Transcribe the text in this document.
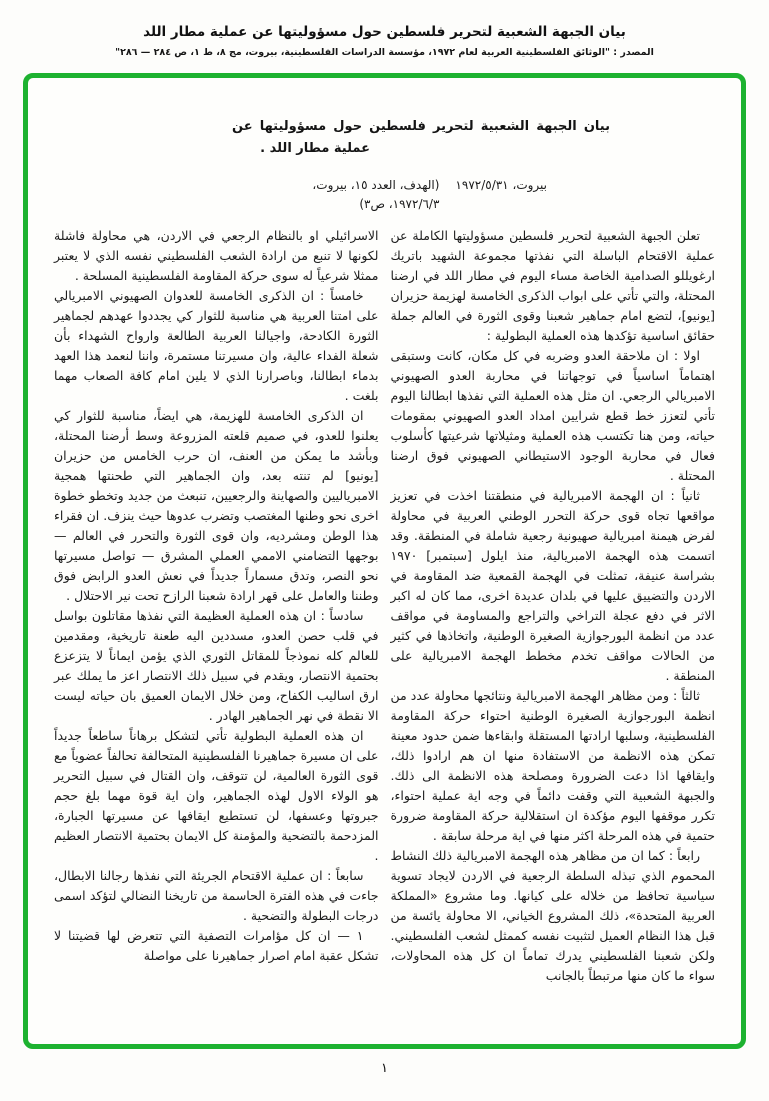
بيان الجبهة الشعبية لتحرير فلسطين حول مسؤوليتها عن عملية مطار اللد
المصدر : "الوثائق الفلسطينية العربية لعام ١٩٧٢، مؤسسة الدراسات الفلسطينية، بيروت، مج ٨، ط ١، ص ٢٨٤ — ٢٨٦"
بيان الجبهة الشعبية لتحرير فلسطين حول مسؤوليتها عن
عملية مطار اللد .
بيروت، ١٩٧٢/٥/٣١
(الهدف، العدد ١٥، بيروت، ١٩٧٢/٦/٣، ص٣)

تعلن الجبهة الشعبية لتحرير فلسطين مسؤوليتها الكاملة عن عملية الاقتحام الباسلة التي نفذتها مجموعة الشهيد باتريك ارغويللو الصدامية الخاصة مساء اليوم في مطار اللد في ارضنا المحتلة، والتي تأتي على ابواب الذكرى الخامسة لهزيمة حزيران [يونيو]، لتضع امام جماهير شعبنا وقوى الثورة في العالم جملة حقائق اساسية تؤكدها هذه العملية البطولية :

اولا : ان ملاحقة العدو وضربه في كل مكان، كانت وستبقى اهتماماً اساسياً في توجهاتنا في محاربة العدو الصهيوني الامبريالي الرجعي. ان مثل هذه العملية التي نفذها ابطالنا اليوم تأتي لتعزز خط قطع شرايين امداد العدو الصهيوني بمقومات حياته، ومن هنا تكتسب هذه العملية ومثيلاتها شرعيتها كأسلوب فعال في محاربة الوجود الاستيطاني الصهيوني فوق ارضنا المحتلة .

ثانياً : ان الهجمة الامبريالية في منطقتنا اخذت في تعزيز مواقعها تجاه قوى حركة التحرر الوطني العربية في محاولة لفرض هيمنة امبريالية صهيونية رجعية شاملة في المنطقة. وقد اتسمت هذه الهجمة الامبريالية، منذ ايلول [سبتمبر] ١٩٧٠ بشراسة عنيفة، تمثلت في الهجمة القمعية ضد المقاومة في الاردن والتضييق عليها في بلدان عديدة اخرى، مما كان له اكبر الاثر في دفع عجلة التراخي والتراجع والمساومة في مواقف عدد من انظمة البورجوازية الصغيرة الوطنية، واتخاذها في كثير من الحالات مواقف تخدم مخطط الهجمة الامبريالية على المنطقة .

ثالثاً : ومن مظاهر الهجمة الامبريالية ونتائجها محاولة عدد من انظمة البورجوازية الصغيرة الوطنية احتواء حركة المقاومة الفلسطينية، وسلبها ارادتها المستقلة وابقاءها ضمن حدود معينة تمكن هذه الانظمة من الاستفادة منها ان هم ارادوا ذلك، وايقافها اذا دعت الضرورة ومصلحة هذه الانظمة الى ذلك. والجبهة الشعبية التي وقفت دائماً في وجه اية عملية احتواء، تكرر موقفها اليوم مؤكدة ان استقلالية حركة المقاومة ضرورة حتمية في هذه المرحلة اكثر منها في اية مرحلة سابقة .

رابعاً : كما ان من مظاهر هذه الهجمة الامبريالية ذلك النشاط المحموم الذي تبذله السلطة الرجعية في الاردن لايجاد تسوية سياسية تحافظ من خلاله على كيانها. وما مشروع «المملكة العربية المتحدة»، ذلك المشروع الخياني، الا محاولة يائسة من قبل هذا النظام العميل لتثبيت نفسه كممثل لشعب الفلسطيني. ولكن شعبنا الفلسطيني يدرك تماماً ان كل هذه المحاولات، سواء ما كان منها مرتبطاً بالجانب

الاسرائيلي او بالنظام الرجعي في الاردن، هي محاولة فاشلة لكونها لا تنبع من ارادة الشعب الفلسطيني نفسه الذي لا يعتبر ممثلا شرعياً له سوى حركة المقاومة الفلسطينية المسلحة .

خامساً : ان الذكرى الخامسة للعدوان الصهيوني الامبريالي على امتنا العربية هي مناسبة للثوار كي يجددوا عهدهم لجماهير الثورة الكادحة، واجيالنا العربية الطالعة وارواح الشهداء بأن شعلة الفداء عالية، وان مسيرتنا مستمرة، واننا لنعمد هذا العهد بدماء ابطالنا، وباصرارنا الذي لا يلين امام كافة الصعاب مهما بلغت .

ان الذكرى الخامسة للهزيمة، هي ايضاً، مناسبة للثوار كي يعلنوا للعدو، في صميم قلعته المزروعة وسط أرضنا المحتلة، وبأشد ما يمكن من العنف، ان حرب الخامس من حزيران [يونيو] لم تنته بعد، وان الجماهير التي طحنتها همجية الامبرياليين والصهاينة والرجعيين، تنبعث من جديد وتخطو خطوة اخرى نحو وطنها المغتصب وتضرب عدوها حيث ينزف. ان فقراء هذا الوطن ومشرديه، وان قوى الثورة والتحرر في العالم — بوجهها التضامني الاممي العملي المشرق — تواصل مسيرتها نحو النصر، وتدق مسماراً جديداً في نعش العدو الرابض فوق وطننا والعامل على قهر ارادة شعبنا الرازح تحت نير الاحتلال .

سادساً : ان هذه العملية العظيمة التي نفذها مقاتلون بواسل في قلب حصن العدو، مسددين اليه طعنة تاريخية، ومقدمين للعالم كله نموذجاً للمقاتل الثوري الذي يؤمن ايماناً لا يتزعزع بحتمية الانتصار، ويقدم في سبيل ذلك الانتصار اعز ما يملك عبر ارق اساليب الكفاح، ومن خلال الايمان العميق بان حياته ليست الا نقطة في نهر الجماهير الهادر .

ان هذه العملية البطولية تأتي لتشكل برهاناً ساطعاً جديداً على ان مسيرة جماهيرنا الفلسطينية المتحالفة تحالفاً عضوياً مع قوى الثورة العالمية، لن تتوقف، وان القتال في سبيل التحرير هو الولاء الاول لهذه الجماهير، وان اية قوة مهما بلغ حجم جبروتها وعسفها، لن تستطيع ايقافها عن مسيرتها الجبارة، المزدحمة بالتضحية والمؤمنة كل الايمان بحتمية الانتصار العظيم .

سابعاً : ان عملية الاقتحام الجريئة التي نفذها رجالنا الابطال، جاءت في هذه الفترة الحاسمة من تاريخنا النضالي لتؤكد اسمى درجات البطولة والتضحية .

١ — ان كل مؤامرات التصفية التي تتعرض لها قضيتنا لا تشكل عقبة امام اصرار جماهيرنا على مواصلة

١
